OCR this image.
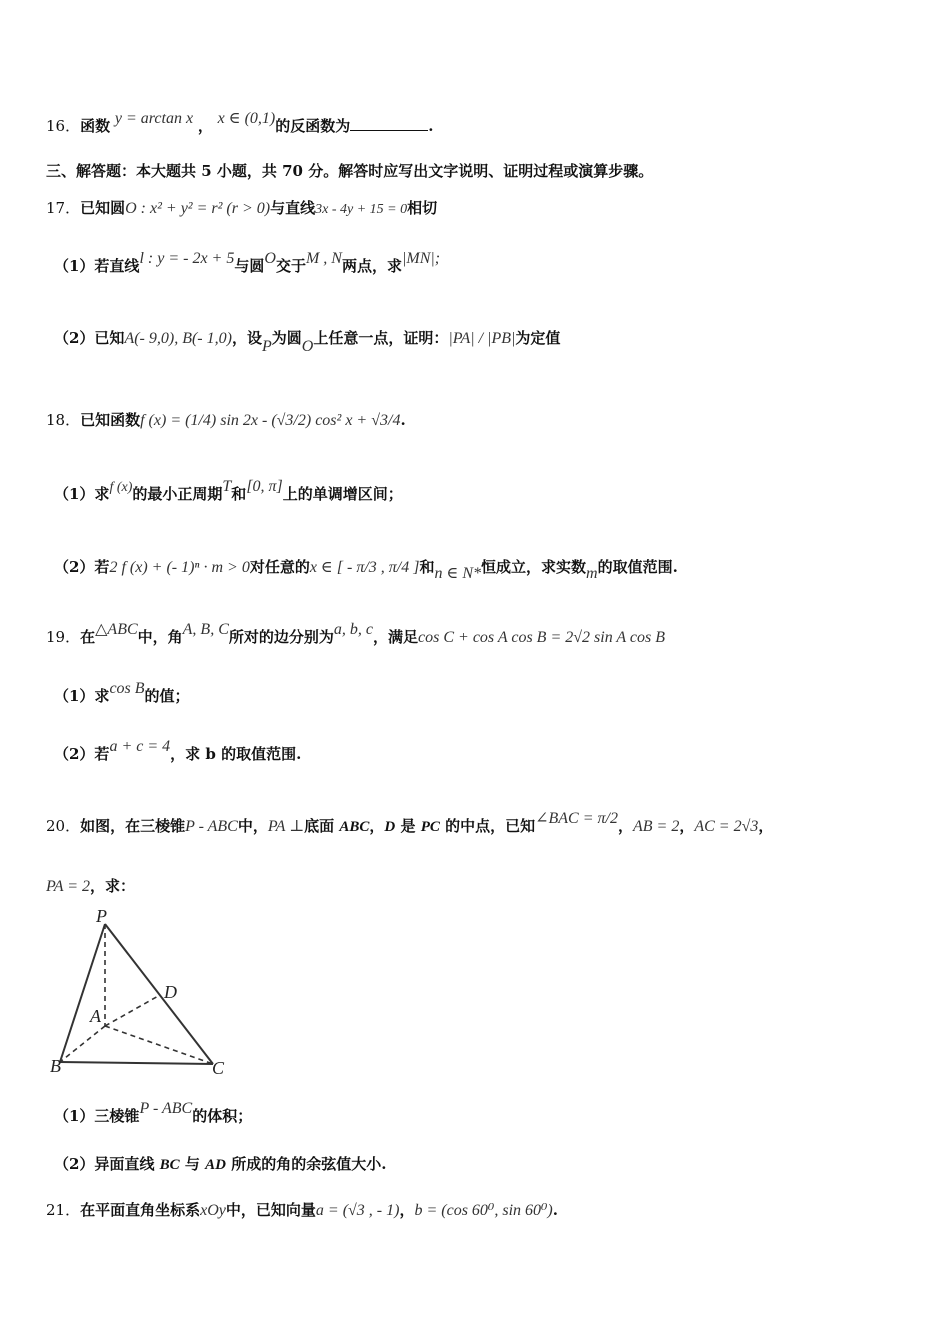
16．函数 y = arctan x ， x ∈ (0,1)的反函数为	.
三、解答题：本大题共 5 小题，共 70 分。解答时应写出文字说明、证明过程或演算步骤。
17．已知圆O : x² + y² = r² (r > 0)与直线3x - 4y + 15 = 0相切
（1）若直线l : y = - 2x + 5与圆O交于M , N两点，求|MN|;
（2）已知A(- 9,0), B(- 1,0)，设P为圆O上任意一点，证明：|PA| / |PB|为定值
18．已知函数f (x) = (1/4) sin 2x - (√3/2) cos² x + √3/4.
（1）求f (x)的最小正周期T和[0, π]上的单调增区间；
（2）若2 f (x) + (- 1)ⁿ · m > 0对任意的x ∈ [ - π/3 , π/4 ]和n ∈ N*恒成立，求实数m的取值范围.
19．在△ABC中，角A, B, C所对的边分别为a, b, c，满足cos C + cos A cos B = 2√2 sin A cos B
（1）求cos B的值；
（2）若a + c = 4，求 b 的取值范围.
20．如图，在三棱锥P - ABC中，PA ⊥底面 ABC，D 是 PC 的中点，已知∠BAC = π/2，AB = 2，AC = 2√3，
PA = 2，求：
P
A
B	C
D
（1）三棱锥P - ABC的体积；
（2）异面直线 BC 与 AD 所成的角的余弦值大小.
21．在平面直角坐标系xOy中，已知向量a = (√3 , - 1)，b = (cos 60⁰, sin 60⁰).
